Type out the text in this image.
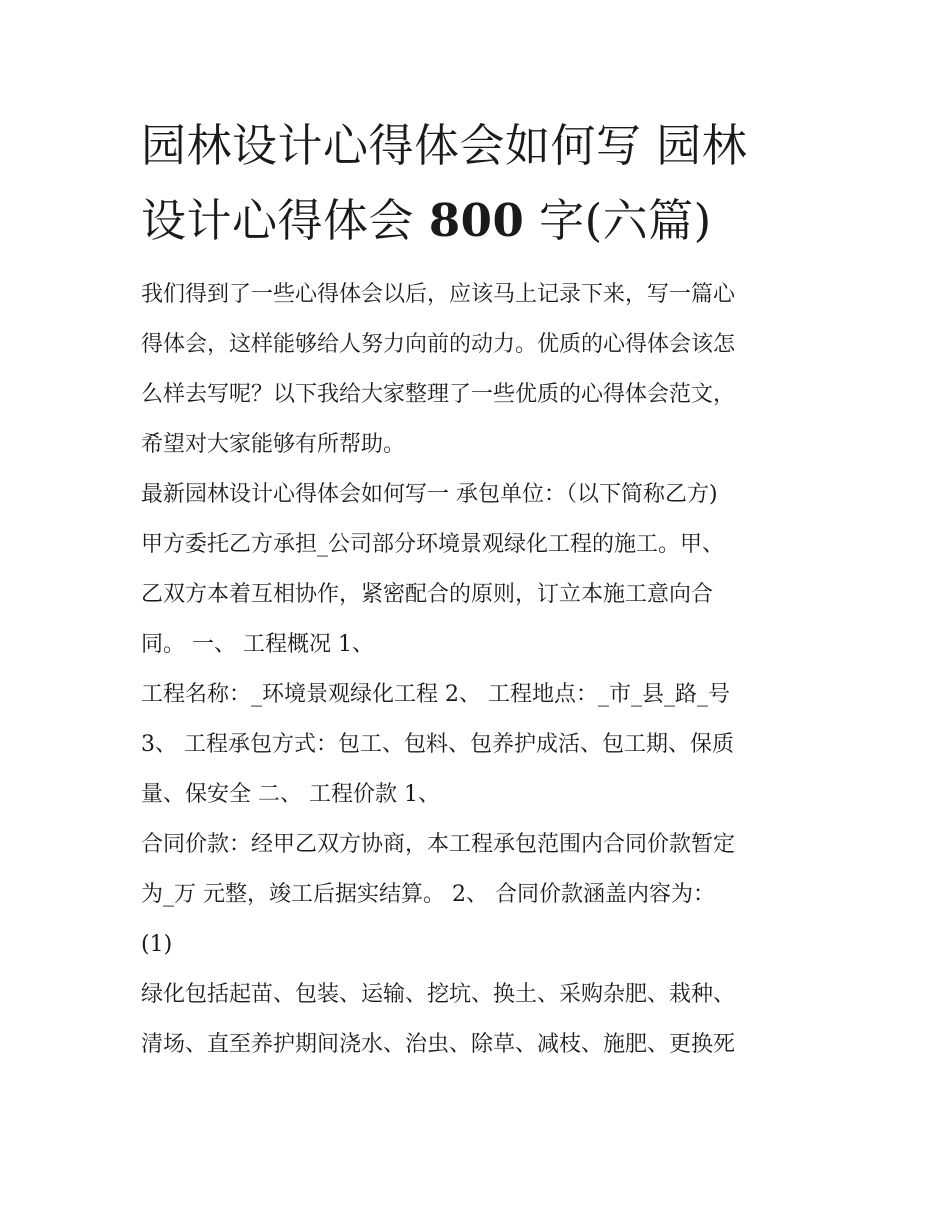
园林设计心得体会如何写 园林
设计心得体会 800 字(六篇)

我们得到了一些心得体会以后，应该马上记录下来，写一篇心

得体会，这样能够给人努力向前的动力。优质的心得体会该怎

么样去写呢？以下我给大家整理了一些优质的心得体会范文，

希望对大家能够有所帮助。

最新园林设计心得体会如何写一 承包单位：（以下简称乙方)

甲方委托乙方承担_公司部分环境景观绿化工程的施工。甲、

乙双方本着互相协作，紧密配合的原则，订立本施工意向合

同。 一、 工程概况 1、

工程名称：_环境景观绿化工程 2、 工程地点：_市_县_路_号

3、 工程承包方式：包工、包料、包养护成活、包工期、保质

量、保安全 二、 工程价款 1、

合同价款：经甲乙双方协商，本工程承包范围内合同价款暂定

为_万 元整，竣工后据实结算。 2、 合同价款涵盖内容为：

(1)

绿化包括起苗、包装、运输、挖坑、换土、采购杂肥、栽种、

清场、直至养护期间浇水、治虫、除草、减枝、施肥、更换死
